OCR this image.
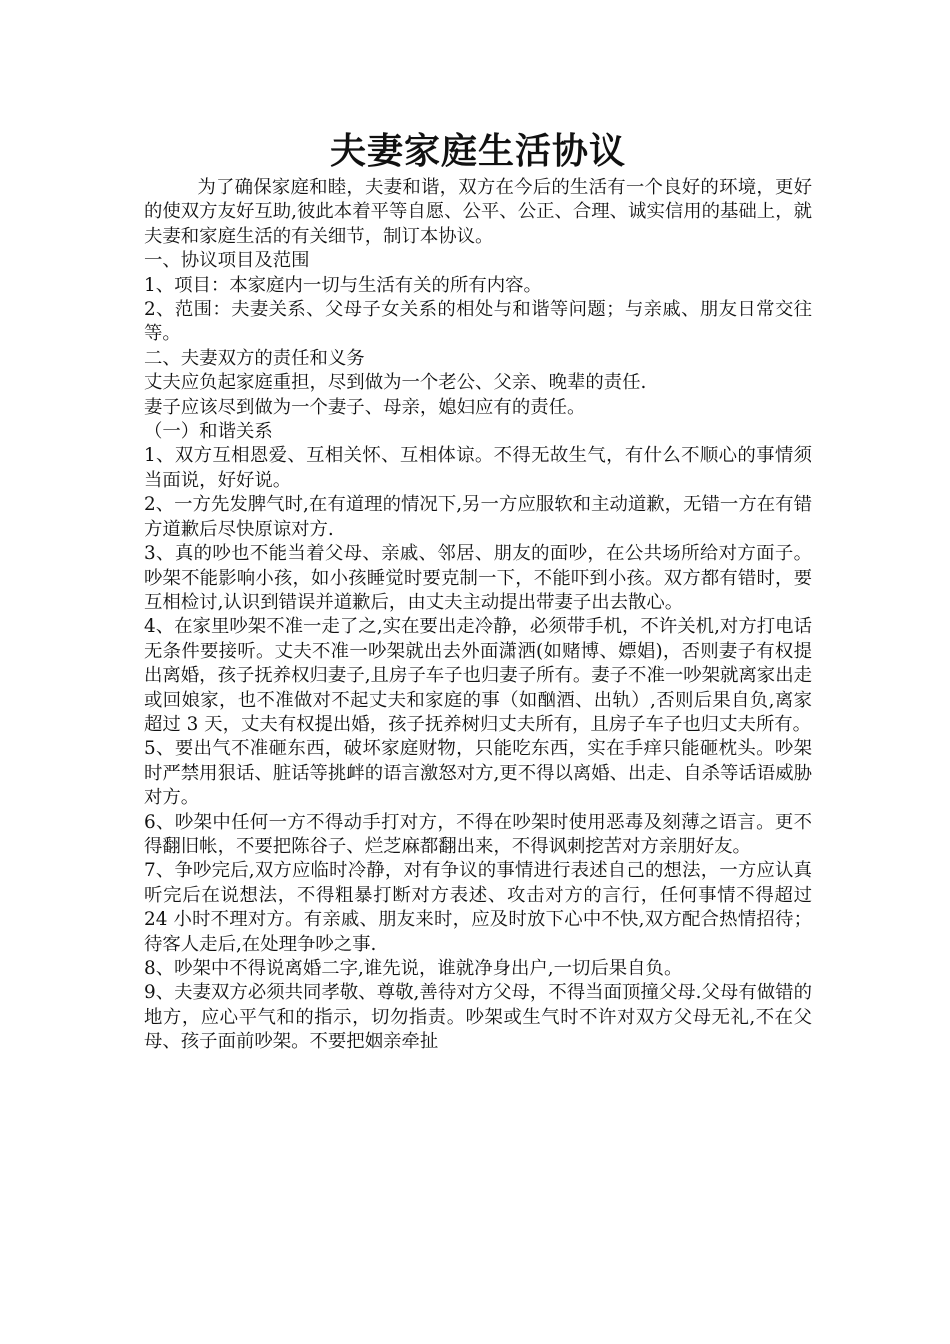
夫妻家庭生活协议

为了确保家庭和睦，夫妻和谐，双方在今后的生活有一个良好的环境，更好的使双方友好互助,彼此本着平等自愿、公平、公正、合理、诚实信用的基础上，就夫妻和家庭生活的有关细节，制订本协议。

一、协议项目及范围

1、项目：本家庭内一切与生活有关的所有内容。

2、范围：夫妻关系、父母子女关系的相处与和谐等问题；与亲戚、朋友日常交往等。

二、夫妻双方的责任和义务

丈夫应负起家庭重担，尽到做为一个老公、父亲、晚辈的责任.

妻子应该尽到做为一个妻子、母亲，媳妇应有的责任。

（一）和谐关系

1、双方互相恩爱、互相关怀、互相体谅。不得无故生气，有什么不顺心的事情须当面说，好好说。

2、一方先发脾气时,在有道理的情况下,另一方应服软和主动道歉，无错一方在有错方道歉后尽快原谅对方.

3、真的吵也不能当着父母、亲戚、邻居、朋友的面吵，在公共场所给对方面子。吵架不能影响小孩，如小孩睡觉时要克制一下，不能吓到小孩。双方都有错时，要互相检讨,认识到错误并道歉后，由丈夫主动提出带妻子出去散心。

4、在家里吵架不准一走了之,实在要出走冷静，必须带手机，不许关机,对方打电话无条件要接听。丈夫不准一吵架就出去外面潇洒(如赌博、嫖娼)，否则妻子有权提出离婚，孩子抚养权归妻子,且房子车子也归妻子所有。妻子不准一吵架就离家出走或回娘家，也不准做对不起丈夫和家庭的事（如酗酒、出轨）,否则后果自负,离家超过 3 天，丈夫有权提出婚，孩子抚养树归丈夫所有，且房子车子也归丈夫所有。

5、要出气不准砸东西，破坏家庭财物，只能吃东西，实在手痒只能砸枕头。吵架时严禁用狠话、脏话等挑衅的语言激怒对方,更不得以离婚、出走、自杀等话语威胁对方。

6、吵架中任何一方不得动手打对方，不得在吵架时使用恶毒及刻薄之语言。更不得翻旧帐，不要把陈谷子、烂芝麻都翻出来，不得讽刺挖苦对方亲朋好友。

7、争吵完后,双方应临时冷静，对有争议的事情进行表述自己的想法，一方应认真听完后在说想法，不得粗暴打断对方表述、攻击对方的言行，任何事情不得超过 24 小时不理对方。有亲戚、朋友来时，应及时放下心中不快,双方配合热情招待；待客人走后,在处理争吵之事.

8、吵架中不得说离婚二字,谁先说，谁就净身出户,一切后果自负。

9、夫妻双方必须共同孝敬、尊敬,善待对方父母，不得当面顶撞父母.父母有做错的地方，应心平气和的指示，切勿指责。吵架或生气时不许对双方父母无礼,不在父母、孩子面前吵架。不要把姻亲牵扯
